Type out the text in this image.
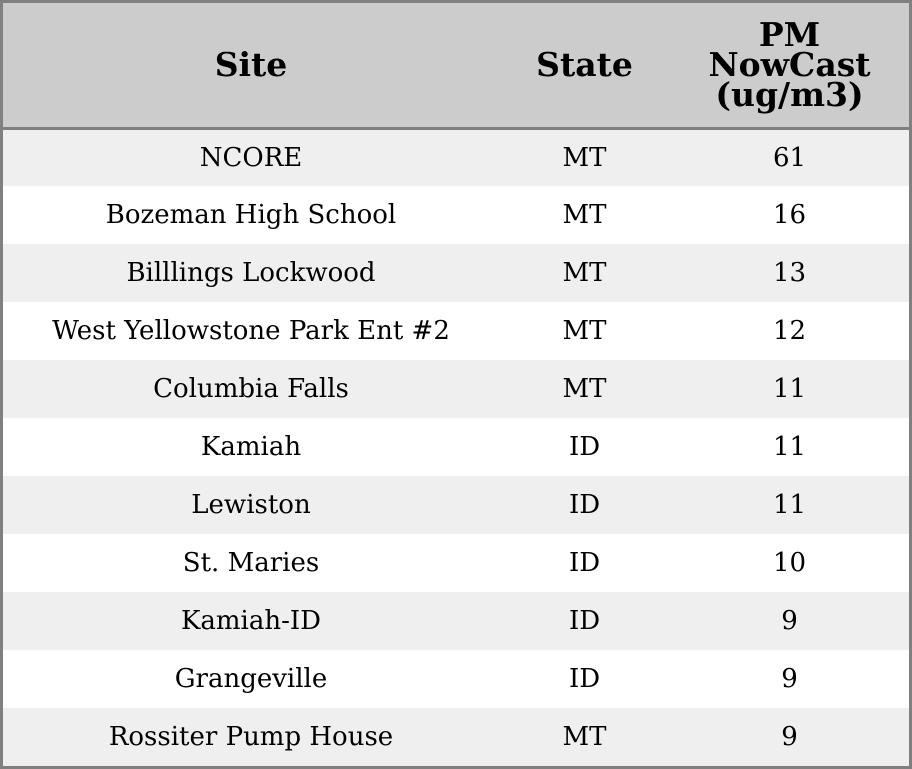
Site	State	PM
NowCast
(ug/m3)

NCORE	MT	61
Bozeman High School	MT	16
Billlings Lockwood	MT	13
West Yellowstone Park Ent #2	MT	12
Columbia Falls	MT	11
Kamiah	ID	11
Lewiston	ID	11
St. Maries	ID	10
Kamiah-ID	ID	9
Grangeville	ID	9
Rossiter Pump House	MT	9
